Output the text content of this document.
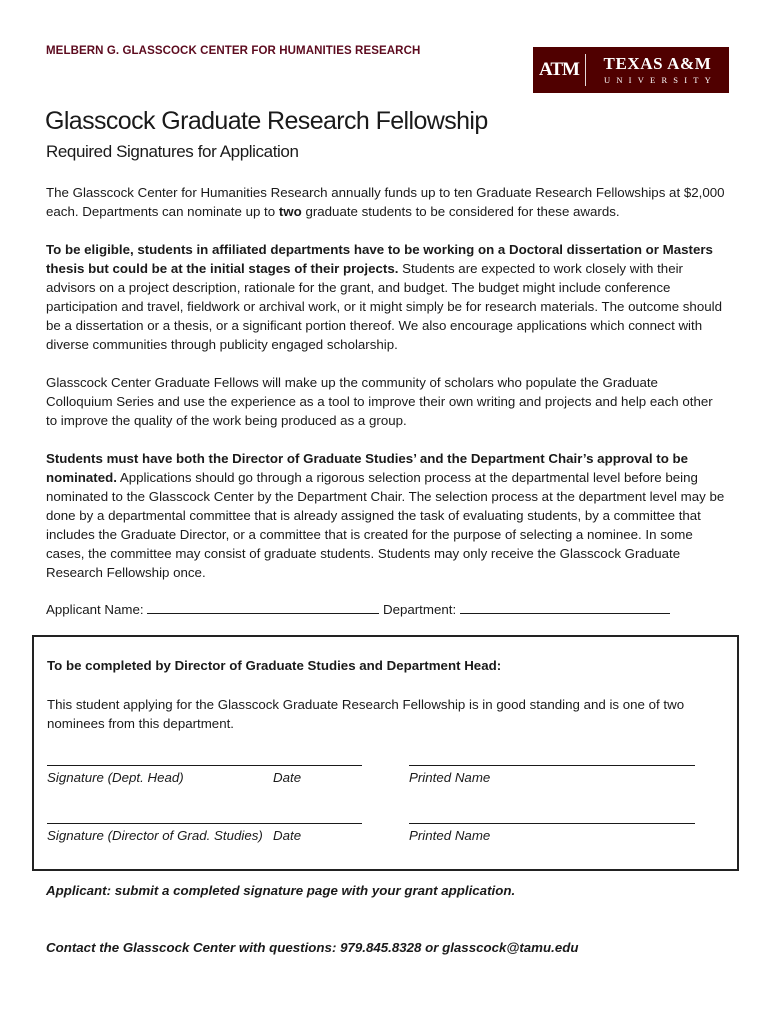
MELBERN G. GLASSCOCK CENTER FOR HUMANITIES RESEARCH
ATM	TEXAS A&M
UNIVERSITY
Glasscock Graduate Research Fellowship
Required Signatures for Application

The Glasscock Center for Humanities Research annually funds up to ten Graduate Research Fellowships at $2,000 each. Departments can nominate up to two graduate students to be considered for these awards.

To be eligible, students in affiliated departments have to be working on a Doctoral dissertation or Masters thesis but could be at the initial stages of their projects. Students are expected to work closely with their advisors on a project description, rationale for the grant, and budget. The budget might include conference participation and travel, fieldwork or archival work, or it might simply be for research materials. The outcome should be a dissertation or a thesis, or a significant portion thereof. We also encourage applications which connect with diverse communities through publicity engaged scholarship.

Glasscock Center Graduate Fellows will make up the community of scholars who populate the Graduate Colloquium Series and use the experience as a tool to improve their own writing and projects and help each other to improve the quality of the work being produced as a group.

Students must have both the Director of Graduate Studies’ and the Department Chair’s approval to be nominated. Applications should go through a rigorous selection process at the departmental level before being nominated to the Glasscock Center by the Department Chair. The selection process at the department level may be done by a departmental committee that is already assigned the task of evaluating students, by a committee that includes the Graduate Director, or a committee that is created for the purpose of selecting a nominee. In some cases, the committee may consist of graduate students. Students may only receive the Glasscock Graduate Research Fellowship once.

Applicant Name:	Department:

To be completed by Director of Graduate Studies and Department Head:

This student applying for the Glasscock Graduate Research Fellowship is in good standing and is one of two nominees from this department.

Signature (Dept. Head)	Date	Printed Name
Signature (Director of Grad. Studies) Date	Printed Name

Applicant: submit a completed signature page with your grant application.

Contact the Glasscock Center with questions: 979.845.8328 or glasscock@tamu.edu
